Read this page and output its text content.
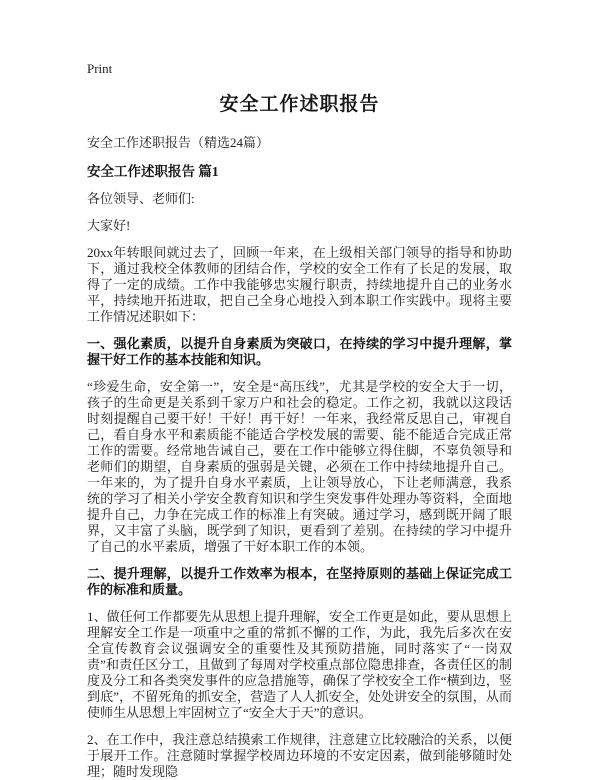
Print
安全工作述职报告
安全工作述职报告（精选24篇）
安全工作述职报告 篇1

各位领导、老师们:

大家好!

20xx年转眼间就过去了，回顾一年来，在上级相关部门领导的指导和协助下，通过我校全体教师的团结合作，学校的安全工作有了长足的发展，取得了一定的成绩。工作中我能够忠实履行职责，持续地提升自己的业务水平，持续地开拓进取，把自己全身心地投入到本职工作实践中。现将主要工作情况述职如下：

一、强化素质，以提升自身素质为突破口，在持续的学习中提升理解，掌握干好工作的基本技能和知识。

“珍爱生命，安全第一”，安全是“高压线”，尤其是学校的安全大于一切，孩子的生命更是关系到千家万户和社会的稳定。工作之初，我就以这段话时刻提醒自己要干好！干好！再干好！一年来，我经常反思自己，审视自己，看自身水平和素质能不能适合学校发展的需要、能不能适合完成正常工作的需要。经常地告诫自己，要在工作中能够立得住脚，不辜负领导和老师们的期望，自身素质的强弱是关键，必须在工作中持续地提升自己。一年来的，为了提升自身水平素质，上让领导放心，下让老师满意，我系统的学习了相关小学安全教育知识和学生突发事件处理办等资料，全面地提升自己，力争在完成工作的标准上有突破。通过学习，感到既开阔了眼界，又丰富了头脑，既学到了知识，更看到了差别。在持续的学习中提升了自己的水平素质，增强了干好本职工作的本领。

二、提升理解，以提升工作效率为根本，在坚持原则的基础上保证完成工作的标准和质量。

1、做任何工作都要先从思想上提升理解，安全工作更是如此，要从思想上理解安全工作是一项重中之重的常抓不懈的工作，为此，我先后多次在安全宣传教育会议强调安全的重要性及其预防措施，同时落实了“一岗双责”和责任区分工，且做到了每周对学校重点部位隐患排查，各责任区的制度及分工和各类突发事件的应急措施等，确保了学校安全工作“横到边，竖到底”，不留死角的抓安全，营造了人人抓安全，处处讲安全的氛围，从而使师生从思想上牢固树立了“安全大于天”的意识。

2、在工作中，我注意总结摸索工作规律，注意建立比较融洽的关系，以便于展开工作。注意随时掌握学校周边环境的不安定因素，做到能够随时处理；随时发现隐
